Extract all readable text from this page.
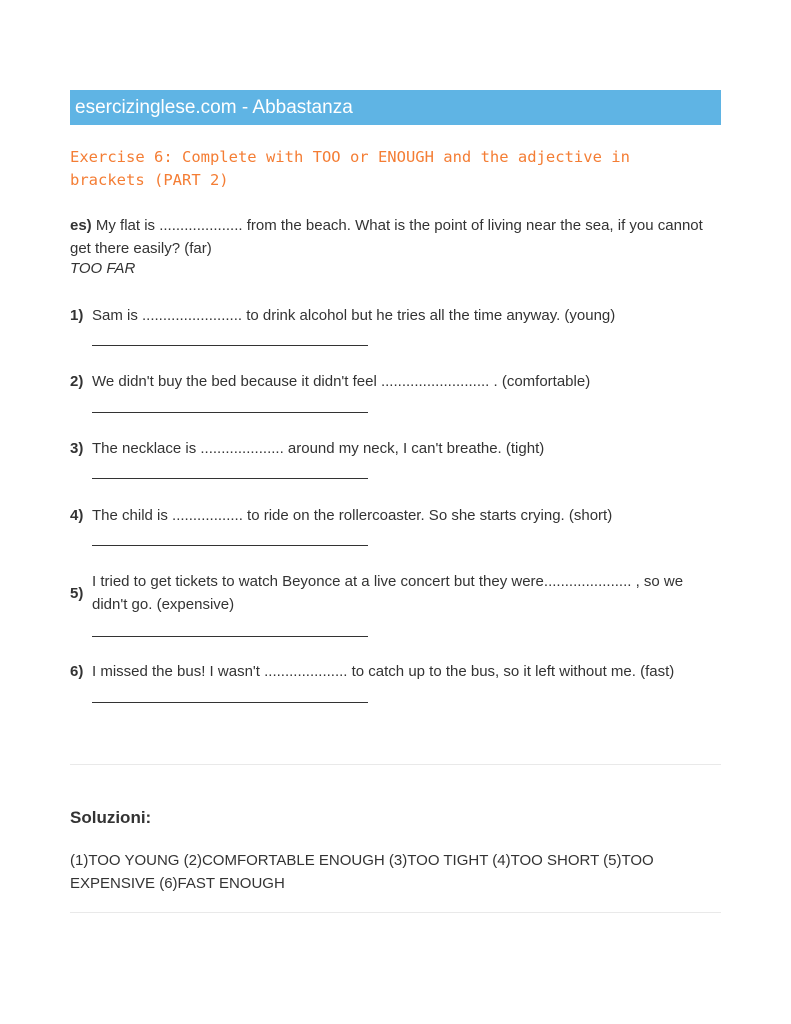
esercizinglese.com - Abbastanza
Exercise 6: Complete with TOO or ENOUGH and the adjective in brackets (PART 2)
es) My flat is .................... from the beach. What is the point of living near the sea, if you cannot get there easily? (far)
TOO FAR
1) Sam is ........................ to drink alcohol but he tries all the time anyway. (young)
2) We didn't buy the bed because it didn't feel .......................... . (comfortable)
3) The necklace is .................... around my neck, I can't breathe. (tight)
4) The child is ................. to ride on the rollercoaster. So she starts crying. (short)
5)
I tried to get tickets to watch Beyonce at a live concert but they were..................... , so we didn't go. (expensive)
6) I missed the bus! I wasn't .................... to catch up to the bus, so it left without me. (fast)
Soluzioni:
(1)TOO YOUNG (2)COMFORTABLE ENOUGH (3)TOO TIGHT (4)TOO SHORT (5)TOO EXPENSIVE (6)FAST ENOUGH
